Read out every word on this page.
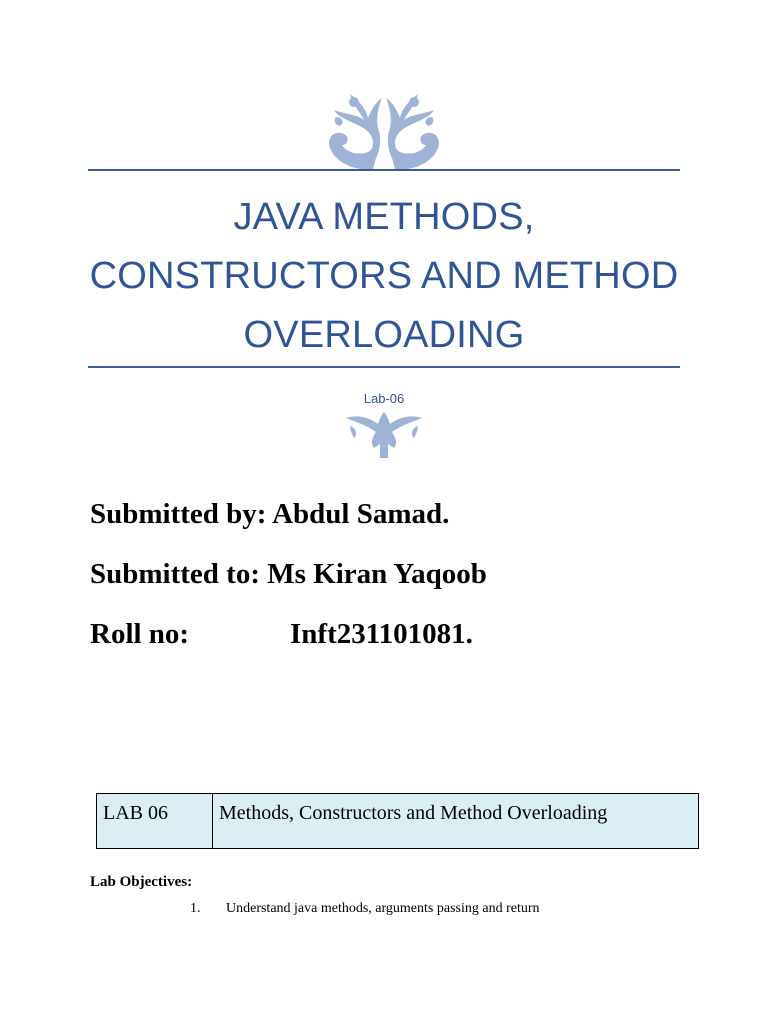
JAVA METHODS,
CONSTRUCTORS AND METHOD
OVERLOADING
Lab-06
Submitted by: Abdul Samad.
Submitted to: Ms Kiran Yaqoob
Roll no:	Inft231101081.
LAB 06	Methods, Constructors and Method Overloading
Lab Objectives:
1. Understand java methods, arguments passing and return
